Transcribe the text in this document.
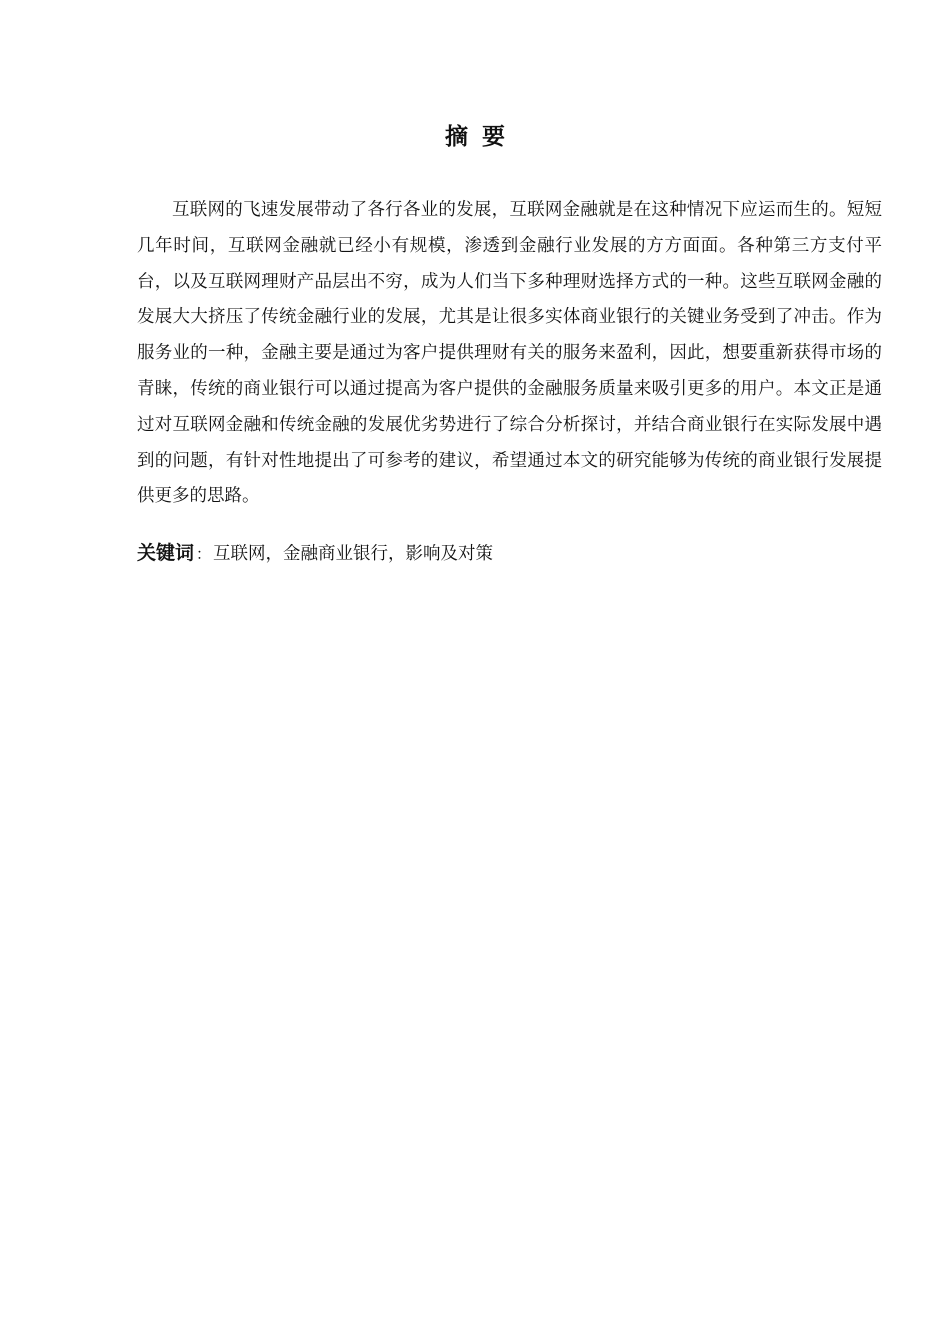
摘要

互联网的飞速发展带动了各行各业的发展，互联网金融就是在这种情况下应运而生的。短短几年时间，互联网金融就已经小有规模，渗透到金融行业发展的方方面面。各种第三方支付平台，以及互联网理财产品层出不穷，成为人们当下多种理财选择方式的一种。这些互联网金融的发展大大挤压了传统金融行业的发展，尤其是让很多实体商业银行的关键业务受到了冲击。作为服务业的一种，金融主要是通过为客户提供理财有关的服务来盈利，因此，想要重新获得市场的青睐，传统的商业银行可以通过提高为客户提供的金融服务质量来吸引更多的用户。本文正是通过对互联网金融和传统金融的发展优劣势进行了综合分析探讨，并结合商业银行在实际发展中遇到的问题，有针对性地提出了可参考的建议，希望通过本文的研究能够为传统的商业银行发展提供更多的思路。

关键词 ： 互联网，金融商业银行，影响及对策
